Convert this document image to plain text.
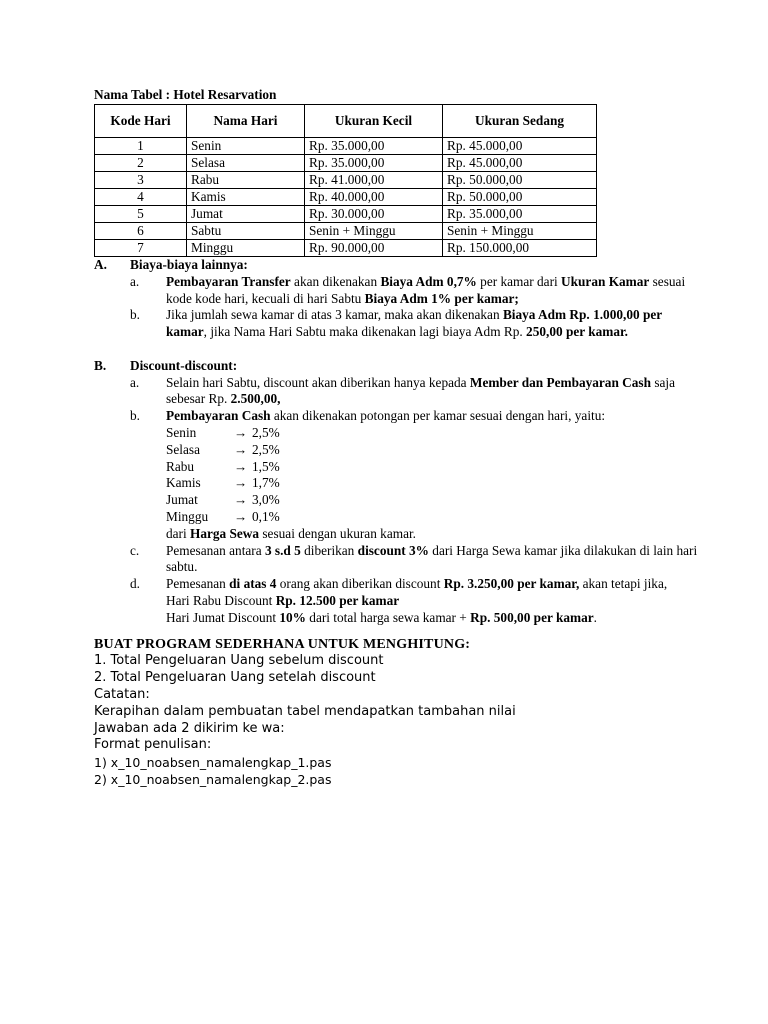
Nama Tabel : Hotel Resarvation

Kode Hari	Nama Hari	Ukuran Kecil	Ukuran Sedang
1	Senin	Rp. 35.000,00	Rp. 45.000,00
2	Selasa	Rp. 35.000,00	Rp. 45.000,00
3	Rabu	Rp. 41.000,00	Rp. 50.000,00
4	Kamis	Rp. 40.000,00	Rp. 50.000,00
5	Jumat	Rp. 30.000,00	Rp. 35.000,00
6	Sabtu	Senin + Minggu	Senin + Minggu
7	Minggu	Rp. 90.000,00	Rp. 150.000,00
A.	Biaya-biaya lainnya:
a.	Pembayaran Transfer akan dikenakan Biaya Adm 0,7% per kamar dari Ukuran Kamar sesuai kode kode hari, kecuali di hari Sabtu Biaya Adm 1% per kamar;
b.	Jika jumlah sewa kamar di atas 3 kamar, maka akan dikenakan Biaya Adm Rp. 1.000,00 per kamar, jika Nama Hari Sabtu maka dikenakan lagi biaya Adm Rp. 250,00 per kamar.
B.	Discount-discount:
a.	Selain hari Sabtu, discount akan diberikan hanya kepada Member dan Pembayaran Cash saja sebesar Rp. 2.500,00,
b.	Pembayaran Cash akan dikenakan potongan per kamar sesuai dengan hari, yaitu:
Senin	→ 2,5%
Selasa	→ 2,5%
Rabu	→ 1,5%
Kamis	→ 1,7%
Jumat	→ 3,0%
Minggu	→ 0,1%
dari Harga Sewa sesuai dengan ukuran kamar.
c.	Pemesanan antara 3 s.d 5 diberikan discount 3% dari Harga Sewa kamar jika dilakukan di lain hari sabtu.
d.	Pemesanan di atas 4 orang akan diberikan discount Rp. 3.250,00 per kamar, akan tetapi jika,
Hari Rabu Discount Rp. 12.500 per kamar
Hari Jumat Discount 10% dari total harga sewa kamar + Rp. 500,00 per kamar.
BUAT PROGRAM SEDERHANA UNTUK MENGHITUNG:
1. Total Pengeluaran Uang sebelum discount
2. Total Pengeluaran Uang setelah discount
Catatan:
Kerapihan dalam pembuatan tabel mendapatkan tambahan nilai
Jawaban ada 2 dikirim ke wa:
Format penulisan:
1) x_10_noabsen_namalengkap_1.pas
2) x_10_noabsen_namalengkap_2.pas
